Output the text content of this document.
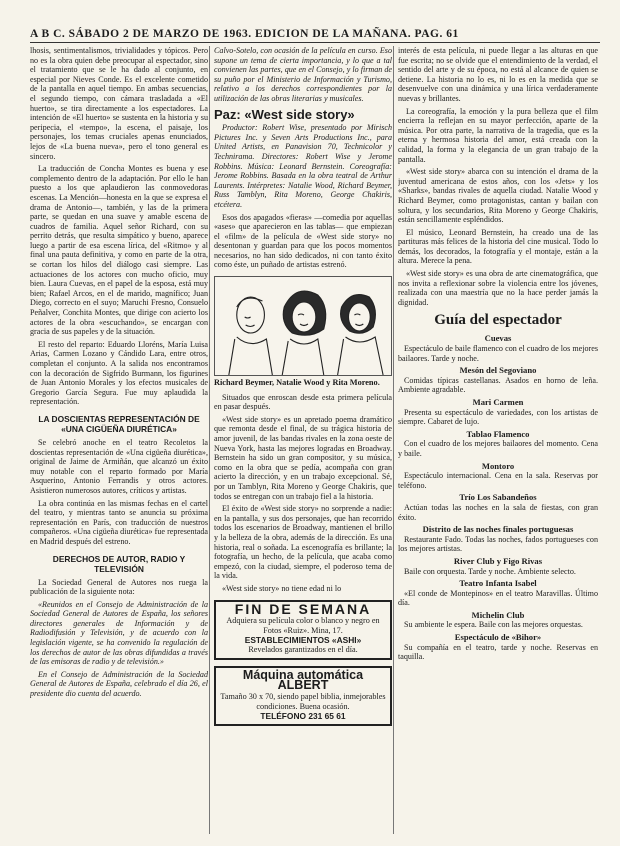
A B C. SÁBADO 2 DE MARZO DE 1963. EDICION DE LA MAÑANA. PAG. 61

lhosis, sentimentalismos, trivialidades y tópicos. Pero no es la obra quien debe preocupar al espectador, sino el tratamiento que se le ha dado al conjunto, en especial por Nieves Conde. Es el excelente cometido de la pantalla en aquel tiempo. En ambas secuencias, el segundo tiempo, con cámara trasladada a «El huerto», se tira directamente a los espectadores. La intención de «El huerto» se sustenta en la historia y su peripecia, el «tempo», la escena, el paisaje, los personajes, los temas cruciales apenas enunciados, lejos de «La buena nueva», pero el tono general es sincero.

La traducción de Concha Montes es buena y ese complemento dentro de la adaptación. Por ello le han puesto a los que aplaudieron las conmovedoras escenas. La Mención—honesta en la que se expresa el drama de Antonio—, también, y las de la primera parte, se quedan en una suave y amable escena de cuadros de familia. Aquel señor Richard, con su perrito detrás, que resulta simpático y bueno, aparece luego a partir de esa escena lírica, del «Ritmo» y al final una pauta definitiva, y como en parte de la otra, se cortan los hilos del diálogo casi siempre. Las actuaciones de los actores con mucho oficio, muy bien. Laura Cuevas, en el papel de la esposa, está muy bien; Rafael Arcos, en el de marido, magnífico; Juan Diego, correcto en el suyo; Maruchi Fresno, Consuelo Peñalver, Conchita Montes, que dirige con acierto los actores de la obra «escuchando», se encargan con gracia de sus papeles y de la situación.

El resto del reparto: Eduardo Lloréns, María Luisa Arias, Carmen Lozano y Cándido Lara, entre otros, completan el conjunto. A la salida nos encontramos con la decoración de Sigfrido Burmann, los figurines de Juan Antonio Morales y los efectos musicales de Gregorio García Segura. Fue muy aplaudida la representación.

LA DOSCIENTAS REPRESENTACIÓN DE «UNA CIGÜEÑA DIURÉTICA»

Se celebró anoche en el teatro Recoletos la doscientas representación de «Una cigüeña diurética», original de Jaime de Armiñán, que alcanzó un éxito muy notable con el reparto formado por María Asquerino, Antonio Ferrandis y otros actores. Asistieron numerosos autores, críticos y artistas.

La obra continúa en las mismas fechas en el cartel del teatro, y mientras tanto se anuncia su próxima representación en París, con traducción de nuestros compañeros. «Una cigüeña diurética» fue representada en Madrid después del estreno.

DERECHOS DE AUTOR, RADIO Y TELEVISIÓN

La Sociedad General de Autores nos ruega la publicación de la siguiente nota:

«Reunidos en el Consejo de Administración de la Sociedad General de Autores de España, los señores directores generales de Información y de Radiodifusión y Televisión, y de acuerdo con la legislación vigente, se ha convenido la regulación de los derechos de autor de las obras difundidas a través de las emisoras de radio y de televisión.»

En el Consejo de Administración de la Sociedad General de Autores de España, celebrado el día 26, el presidente dio cuenta del acuerdo.

Calvo-Sotelo, con ocasión de la película en curso. Eso supone un tema de cierta importancia, y lo que a tal convienen las partes, que en el Consejo, y lo firman de su puño por el Ministerio de Información y Turismo, relativo a los derechos correspondientes por la utilización de las obras literarias y musicales.

Paz: «West side story»

Productor: Robert Wise, presentado por Mirisch Pictures Inc. y Seven Arts Productions Inc., para United Artists, en Panavision 70, Technicolor y Technirama. Directores: Robert Wise y Jerome Robbins. Música: Leonard Bernstein. Coreografía: Jerome Robbins. Basada en la obra teatral de Arthur Laurents. Intérpretes: Natalie Wood, Richard Beymer, Russ Tamblyn, Rita Moreno, George Chakiris, etcétera.

Esos dos apagados «fieras» —comedia por aquellas «ases» que aparecieron en las tablas— que empiezan el «film» de la película de «West side story» no desentonan y guardan para que los pocos momentos necesarios, no han sido dedicados, ni con tanto éxito como éste, un puñado de artistas estrenó.

Richard Beymer, Natalie Wood y Rita Moreno.

Situados que enroscan desde esta primera película en pasar después.

«West side story» es un apretado poema dramático que remonta desde el final, de su trágica historia de amor juvenil, de las bandas rivales en la zona oeste de Nueva York, hasta las mejores logradas en Broadway. Bernstein ha sido un gran compositor, y su música, como en la obra que se pedía, acompaña con gran acierto la dirección, y en un trabajo excepcional. Sé, por un Tamblyn, Rita Moreno y George Chakiris, que todos se entregan con un trabajo fiel a la historia.

El éxito de «West side story» no sorprende a nadie: en la pantalla, y sus dos personajes, que han recorrido todos los escenarios de Broadway, mantienen el brillo y la belleza de la obra, además de la dirección. Es una historia, real o soñada. La escenografía es brillante; la fotografía, un hecho, de la película, que acaba como empezó, con la ciudad, siempre, el poderoso tema de la vida.

«West side story» no tiene edad ni lo

FIN DE SEMANA
Adquiera su película color o blanco y negro en Fotos «Ruiz». Mina, 17.
ESTABLECIMIENTOS «ASHI»
Revelados garantizados en el día.
Máquina automática ALBERT
Tamaño 30 x 70, siendo papel biblia, inmejorables condiciones. Buena ocasión.
TELÉFONO 231 65 61

interés de esta película, ni puede llegar a las alturas en que fue escrita; no se olvide que el entendimiento de la verdad, el sentido del arte y de su época, no está al alcance de quien se detiene. La historia no lo es, ni lo es en la medida que se desenvuelve con una dinámica y una lírica verdaderamente nuevas y brillantes.

La coreografía, la emoción y la pura belleza que el film encierra la reflejan en su mayor perfección, aparte de la música. Por otra parte, la narrativa de la tragedia, que es la eterna y hermosa historia del amor, está creada con la calidad, la forma y la elegancia de un gran trabajo de la pantalla.

«West side story» abarca con su intención el drama de la juventud americana de estos años, con los «Jets» y los «Sharks», bandas rivales de aquella ciudad. Natalie Wood y Richard Beymer, como protagonistas, cantan y bailan con soltura, y los secundarios, Rita Moreno y George Chakiris, están sencillamente espléndidos.

El músico, Leonard Bernstein, ha creado una de las partituras más felices de la historia del cine musical. Todo lo demás, los decorados, la fotografía y el montaje, están a la altura. Merece la pena.

«West side story» es una obra de arte cinematográfica, que nos invita a reflexionar sobre la violencia entre los jóvenes, realizada con una maestría que no la hace perder jamás la dignidad.

Guía del espectador
Cuevas
Espectáculo de baile flamenco con el cuadro de los mejores bailaores. Tarde y noche.
Mesón del Segoviano
Comidas típicas castellanas. Asados en horno de leña. Ambiente agradable.
Mari Carmen
Presenta su espectáculo de variedades, con los artistas de siempre. Cabaret de lujo.
Tablao Flamenco
Con el cuadro de los mejores bailaores del momento. Cena y baile.
Montoro
Espectáculo internacional. Cena en la sala. Reservas por teléfono.
Trío Los Sabandeños
Actúan todas las noches en la sala de fiestas, con gran éxito.
Distrito de las noches finales portuguesas
Restaurante Fado. Todas las noches, fados portugueses con los mejores artistas.
River Club y Figo Rivas
Baile con orquesta. Tarde y noche. Ambiente selecto.
Teatro Infanta Isabel
«El conde de Montepinos» en el teatro Maravillas. Último día.
Michelin Club
Su ambiente le espera. Baile con las mejores orquestas.
Espectáculo de «Bihor»
Su compañía en el teatro, tarde y noche. Reservas en taquilla.
